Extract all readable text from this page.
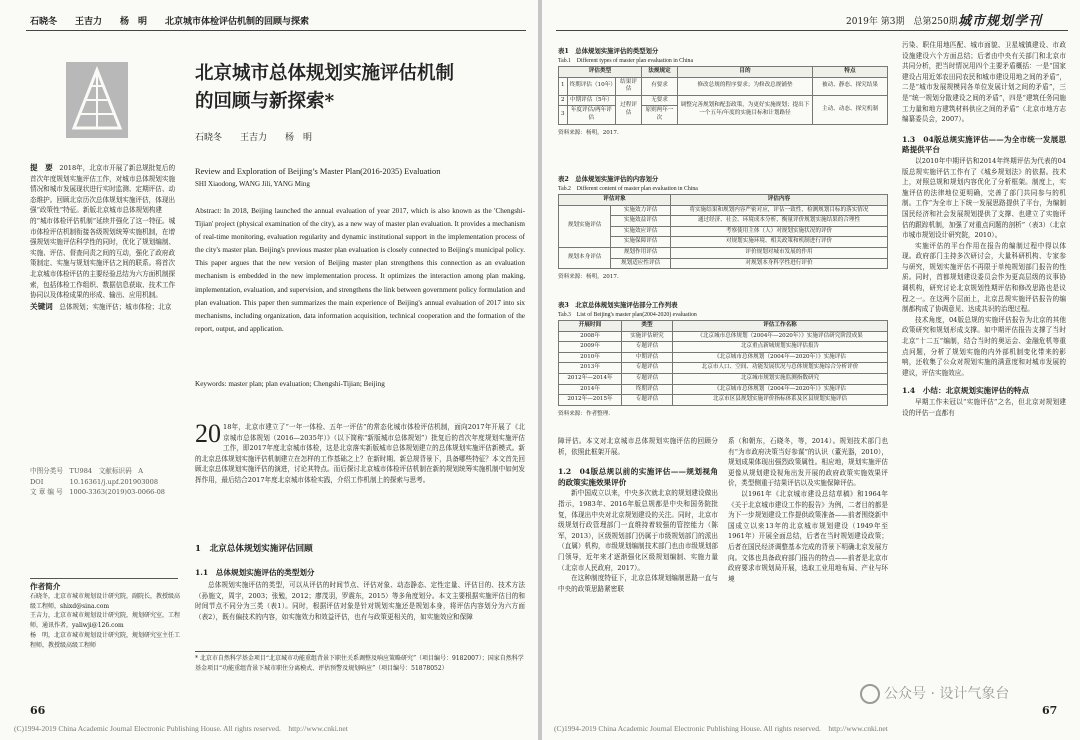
石晓冬　　王吉力　　杨　明　　北京城市体检评估机制的回顾与探索
北京城市总体规划实施评估机制
的回顾与新探索*
石晓冬　　王吉力　　杨　明
提　要　 2018年，北京市开展了新总规批复后的首次年度规划实施评估工作，对城市总体规划实施情况和城市发展现状进行实时监测、定期评估、动态维护。回顾北京历次总体规划实施评估，体现出强“政策性”特征。新版北京城市总体规划构建的“城市体检评估机制”延续并强化了这一特征。城市体检评估机制衔接各级规划统筹实施机制，在增强规划实施评估科学性的同时，优化了规划编制、实施、评估、督查问责之间的互动，强化了政府政策制定、实施与规划实施评估之间的联系。将首次北京城市体检评估的主要经验总结为六方面机制探索，包括体检工作组织、数据信息获取、技术工作协同以及体检成果的形成、输出、应用机制。
关键词　 总体规划；实施评估；城市体检；北京
中图分类号　TU984　文献标识码　A
DOI　　　　10.16361/j.upf.201903008
文 章 编 号　1000-3363(2019)03-0066-08
作者简介
石晓冬，北京市城市规划设计研究院，副院长，教授级高级工程师，shixd@sina.com
王吉力，北京市城市规划设计研究院，规划研究室，工程师，通讯作者，yaliwji@126.com
杨　明，北京市城市规划设计研究院，规划研究室主任工程师，教授级高级工程师
Review and Exploration of Beijing’s Master Plan(2016-2035) Evaluation
SHI Xiaodong, WANG Jili, YANG Ming
Abstract: In 2018, Beijing launched the annual evaluation of year 2017, which is also known as the 'Chengshi-Tijian' project (physical examination of the city), as a new way of master plan evaluation. It provides a mechanism of real-time monitoring, evaluation regularity and dynamic institutional support in the implementation process of the city's master plan. Beijing's previous master plan evaluation is closely connected to Beijing's municipal policy. This paper argues that the new version of Beijing master plan strengthens this connection as an evaluation mechanism is embedded in the new implementation process. It optimizes the interaction among plan making, implementation, evaluation, and supervision, and strengthens the link between government policy formulation and plan evaluation. This paper then summarizes the main experience of Beijing's annual evaluation of 2017 into six mechanisms, including organization, data information acquisition, technical cooperation and the formation of the report, output, and application.
Keywords: master plan; plan evaluation; Chengshi-Tijian; Beijing
20 18年，北京市建立了“一年一体检、五年一评估”的常态化城市体检评估机制，面向2017年开展了《北京城市总体规划（2016—2035年）》（以下简称“新版城市总体规划”）批复后的首次年度规划实施评估工作，即2017年度北京城市体检，这是北京落实新版城市总体规划建立的总体规划实施评估新模式。新的北京总体规划实施评估机制建立在怎样的工作基础之上？在新时期、新总规背景下，具备哪些特征？本文首先回顾北京总体规划实施评估的演进，讨论其特点。而后探讨北京城市体检评估机制在新的规划统筹实施机制中如何发挥作用，最后结合2017年度北京城市体检实践，介绍工作机制上的探索与思考。
1　北京总体规划实施评估回顾
1.1　总体规划实施评估的类型划分
总体规划实施评估的类型，可以从评估的时间节点、评估对象、动态静态、定性定量、评估目的、技术方法（孙施文，周宇，2003；张勉，2012；廖茂羽，罗震东，2015）等多角度划分。本文主要根据实施评估目的和时间节点不同分为三类（表1）。同时，根据评估对象是针对规划实施还是规划本身，将评估内容划分为六方面（表2），既有偏技术的内容，如实施效力和效益评估，也有与政策更相关的，如实施效应和保障
* 北京市自然科学基金项目“北京城市功能重组背景下职住关系调整及响应策略研究”（项目编号：9182007）；国家自然科学基金项目“功能重组背景下城市职住分离模式、评估预警及规划响应”（项目编号：51878052）
66
(C)1994-2019 China Academic Journal Electronic Publishing House. All rights reserved.　http://www.cnki.net
2019年 第3期　总第250期 城市规划学刊
表1　总体规划实施评估的类型划分
Tab.1　Different types of master plan evaluation in China
评估类型			法规规定	目的	特点
1	终期评估（10年）	结果评估	有要求	修改总规的程序要求；为修改总规铺垫	被动、静态、探究结果
2	中期评估（5年）	过程评估	无要求	调整完善规划和配套政策，为更好实施规划；提出下一个五年/年度的实施目标和计划路径	主动、动态、探究机制
3	年度评估/两年评估		原则两年一次		
资料来源：杨明，2017.
表2　总体规划实施评估的内容划分
Tab.2　Different content of master plan evaluation in China
评估对象		评估内容
规划实施评估	实施效力评估	将实施结果和规划内容严密对应，评估一致性，检测规划目标的落实情况
	实施效益评估	通过经济、社会、环境成本分析，衡量评价规划实施结果的合理性
	实施效应评估	考察使用主体（人）对规划实施状况的评价
	实施保障评估	对规划实施环境、相关政策和机制进行评价
规划本身评估	规划作用评估	评价规划对城市发展的作用
	规划适应性评估	对规划本身科学性进行评价
资料来源：杨明，2017.
表3　北京总体规划实施评估部分工作列表
Tab.3　List of Beijing's master plan(2004-2020) evaluation
开展时间	类型	评估工作名称
2008年	实施评估研究	《北京城市总体规划（2004年—2020年）》实施评估研究阶段成果
2009年	专题评估	北京重点新城规划实施评估报告
2010年	中期评估	《北京城市总体规划（2004年—2020年）》实施评估
2013年	专题评估	北京市人口、空间、功能发展状况与总体规划实施综合分析评价
2012年—2014年	专题评估	北京城市规划实施监测指数研究
2014年	终期评估	《北京城市总体规划（2004年—2020年）》实施评估
2012年—2015年	专题评估	北京市区县规划实施评价指标体系及区县规划实施评估
资料来源：作者整理.
障评估。本文对北京城市总体规划实施评估的回顾分析，依照此框架开展。
1.2　04版总规以前的实施评估——规划视角的政策实施效果评价
新中国成立以来，中央多次就北京的规划建设做出指示，1983年、2016年版总规都是中央和国务院批复，体现出中央对北京规划建设的关注。同时，北京市级规划行政管理部门一直维持着较强的管控能力（陈军，2013），区级规划部门仍属于市级规划部门的派出（直属）机构，市级规划编制技术部门也由市级规划部门领导，近年来才逐渐强化区级规划编制、实施力量（北京市人民政府，2017）。
在这种制度特征下，北京总体规划编制思路一直与中央的政策思路紧密联
系（和朝东，石晓冬，等，2014）。规划技术部门也有“为市政府决策当好参谋”的认识（董光器，2010），规划成果体现出强烈政策属性。相应地，规划实施评估更像从规划建设视角出发开展的政府政策实施效果评价，类型侧重于结果评估以及实施保障评估。
以1961年《北京城市建设总结草稿》和1964年《关于北京城市建设工作的报告》为例，二者目的都是为下一步规划建设工作提供政策准备——前者围绕新中国成立以来13年的北京城市规划建设（1949年至1961年）开展全面总结，后者在当时规划建设政策；后者在国民经济调整基本完成的背景下明确北京发展方向。文体也具备政府部门报告的特点——前者是北京市政府要求市规划局开展，选取工业用地布局、产业与环境
污染、职住用地匹配、城市面貌、卫星城镇建设、市政设施建设六个方面总结；后者由中央有关部门和北京市共同分析，把当时情况用四个主要矛盾概括：一是“国家建设占用近郊农田同农民和城市建设用地之间的矛盾”，二是“城市发展规模同各单位发展计划之间的矛盾”，三是“统一规划分散建设之间的矛盾”，四是“建筑任务同施工力量和地方建筑材料供应之间的矛盾”（北京市地方志编纂委员会，2007）。
1.3　04版总规实施评估——为全市统一发展思路提供平台
以2010年中期评估和2014年终期评估为代表的04版总规实施评估工作有了《城乡规划法》的依据。技术上，对照总规和规划内容优化了分析框架。制度上，实施评估的法律地位更明确，完善了部门共同参与的机制。工作“为全市上下统一发展思路提供了平台，为编制国民经济和社会发展规划提供了支撑、也建立了实施评估的跟踪机制，加强了对重点问题的剖析”（表3）（北京市城市规划设计研究院，2010）。
实施评估的平台作用在报告的编制过程中得以体现。政府部门主持多次研讨会，大量科研机构、专家参与研究，规划实施评估不再限于单纯规划部门报告的性质。同时，首都规划建设委员会作为更高层级的议事协调机构，研究讨论北京规划性期评估和修改思路也是议程之一。在这两个层面上，北京总规实施评估报告的编制都构成了协调意见、达成共识的治理过程。
技术角度，04版总规的实施评估报告为北京的其他政策研究和规划形成支撑。如中期评估报告支撑了当时北京“十二五”编制，结合当时的奥运会、金融危机等重点问题，分析了规划实施的内外部机制变化带来的影响，还收集了公众对规划实施的满意度和对城市发展的建议，评估实施效应。
1.4　小结：北京规划实施评估的特点
早期工作未冠以“实施评估”之名，但北京对规划建设的评估一直都有
公众号 · 设计气象台
67
(C)1994-2019 China Academic Journal Electronic Publishing House. All rights reserved.　http://www.cnki.net
